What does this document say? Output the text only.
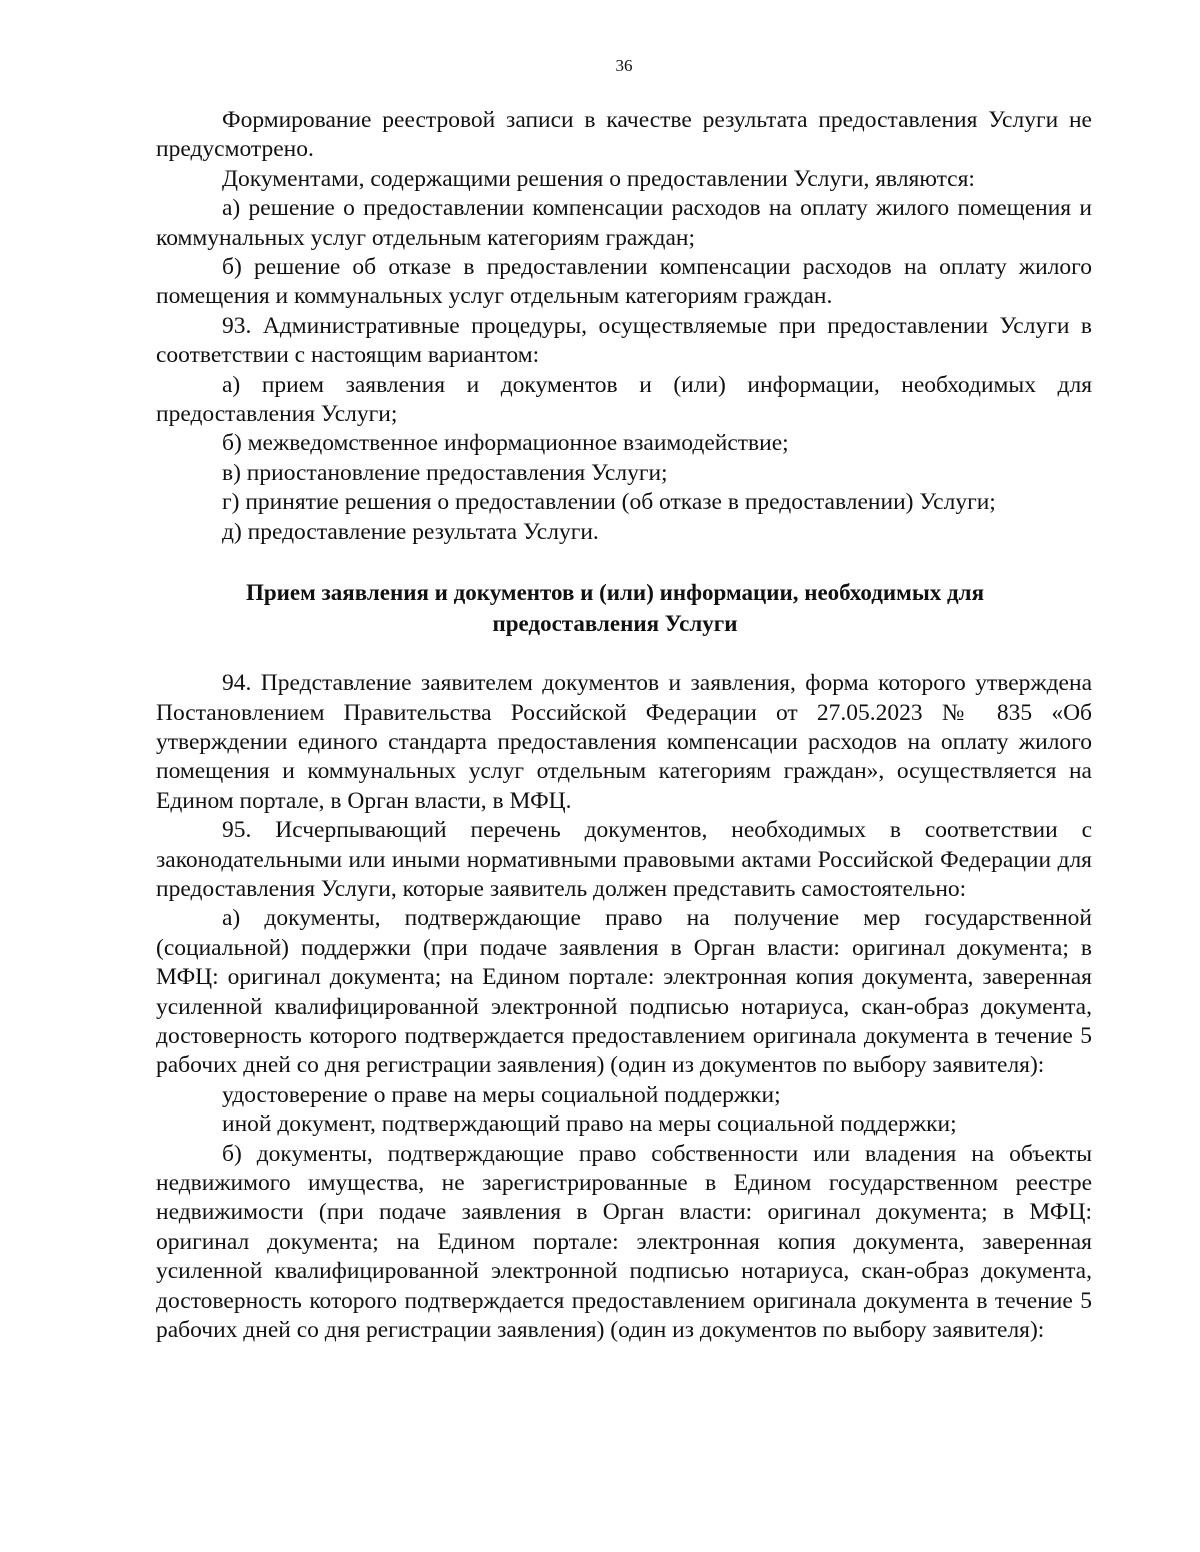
36

Формирование реестровой записи в качестве результата предоставления Услуги не предусмотрено.

Документами, содержащими решения о предоставлении Услуги, являются:

а) решение о предоставлении компенсации расходов на оплату жилого помещения и коммунальных услуг отдельным категориям граждан;

б) решение об отказе в предоставлении компенсации расходов на оплату жилого помещения и коммунальных услуг отдельным категориям граждан.

93. Административные процедуры, осуществляемые при предоставлении Услуги в соответствии с настоящим вариантом:

а) прием заявления и документов и (или) информации, необходимых для предоставления Услуги;

б) межведомственное информационное взаимодействие;

в) приостановление предоставления Услуги;

г) принятие решения о предоставлении (об отказе в предоставлении) Услуги;

д) предоставление результата Услуги.

Прием заявления и документов и (или) информации, необходимых для
предоставления Услуги

94. Представление заявителем документов и заявления, форма которого утверждена Постановлением Правительства Российской Федерации от 27.05.2023 № 835 «Об утверждении единого стандарта предоставления компенсации расходов на оплату жилого помещения и коммунальных услуг отдельным категориям граждан», осуществляется на Едином портале, в Орган власти, в МФЦ.

95. Исчерпывающий перечень документов, необходимых в соответствии с законодательными или иными нормативными правовыми актами Российской Федерации для предоставления Услуги, которые заявитель должен представить самостоятельно:

а) документы, подтверждающие право на получение мер государственной (социальной) поддержки (при подаче заявления в Орган власти: оригинал документа; в МФЦ: оригинал документа; на Едином портале: электронная копия документа, заверенная усиленной квалифицированной электронной подписью нотариуса, скан-образ документа, достоверность которого подтверждается предоставлением оригинала документа в течение 5 рабочих дней со дня регистрации заявления) (один из документов по выбору заявителя):

удостоверение о праве на меры социальной поддержки;

иной документ, подтверждающий право на меры социальной поддержки;

б) документы, подтверждающие право собственности или владения на объекты недвижимого имущества, не зарегистрированные в Едином государственном реестре недвижимости (при подаче заявления в Орган власти: оригинал документа; в МФЦ: оригинал документа; на Едином портале: электронная копия документа, заверенная усиленной квалифицированной электронной подписью нотариуса, скан-образ документа, достоверность которого подтверждается предоставлением оригинала документа в течение 5 рабочих дней со дня регистрации заявления) (один из документов по выбору заявителя):
